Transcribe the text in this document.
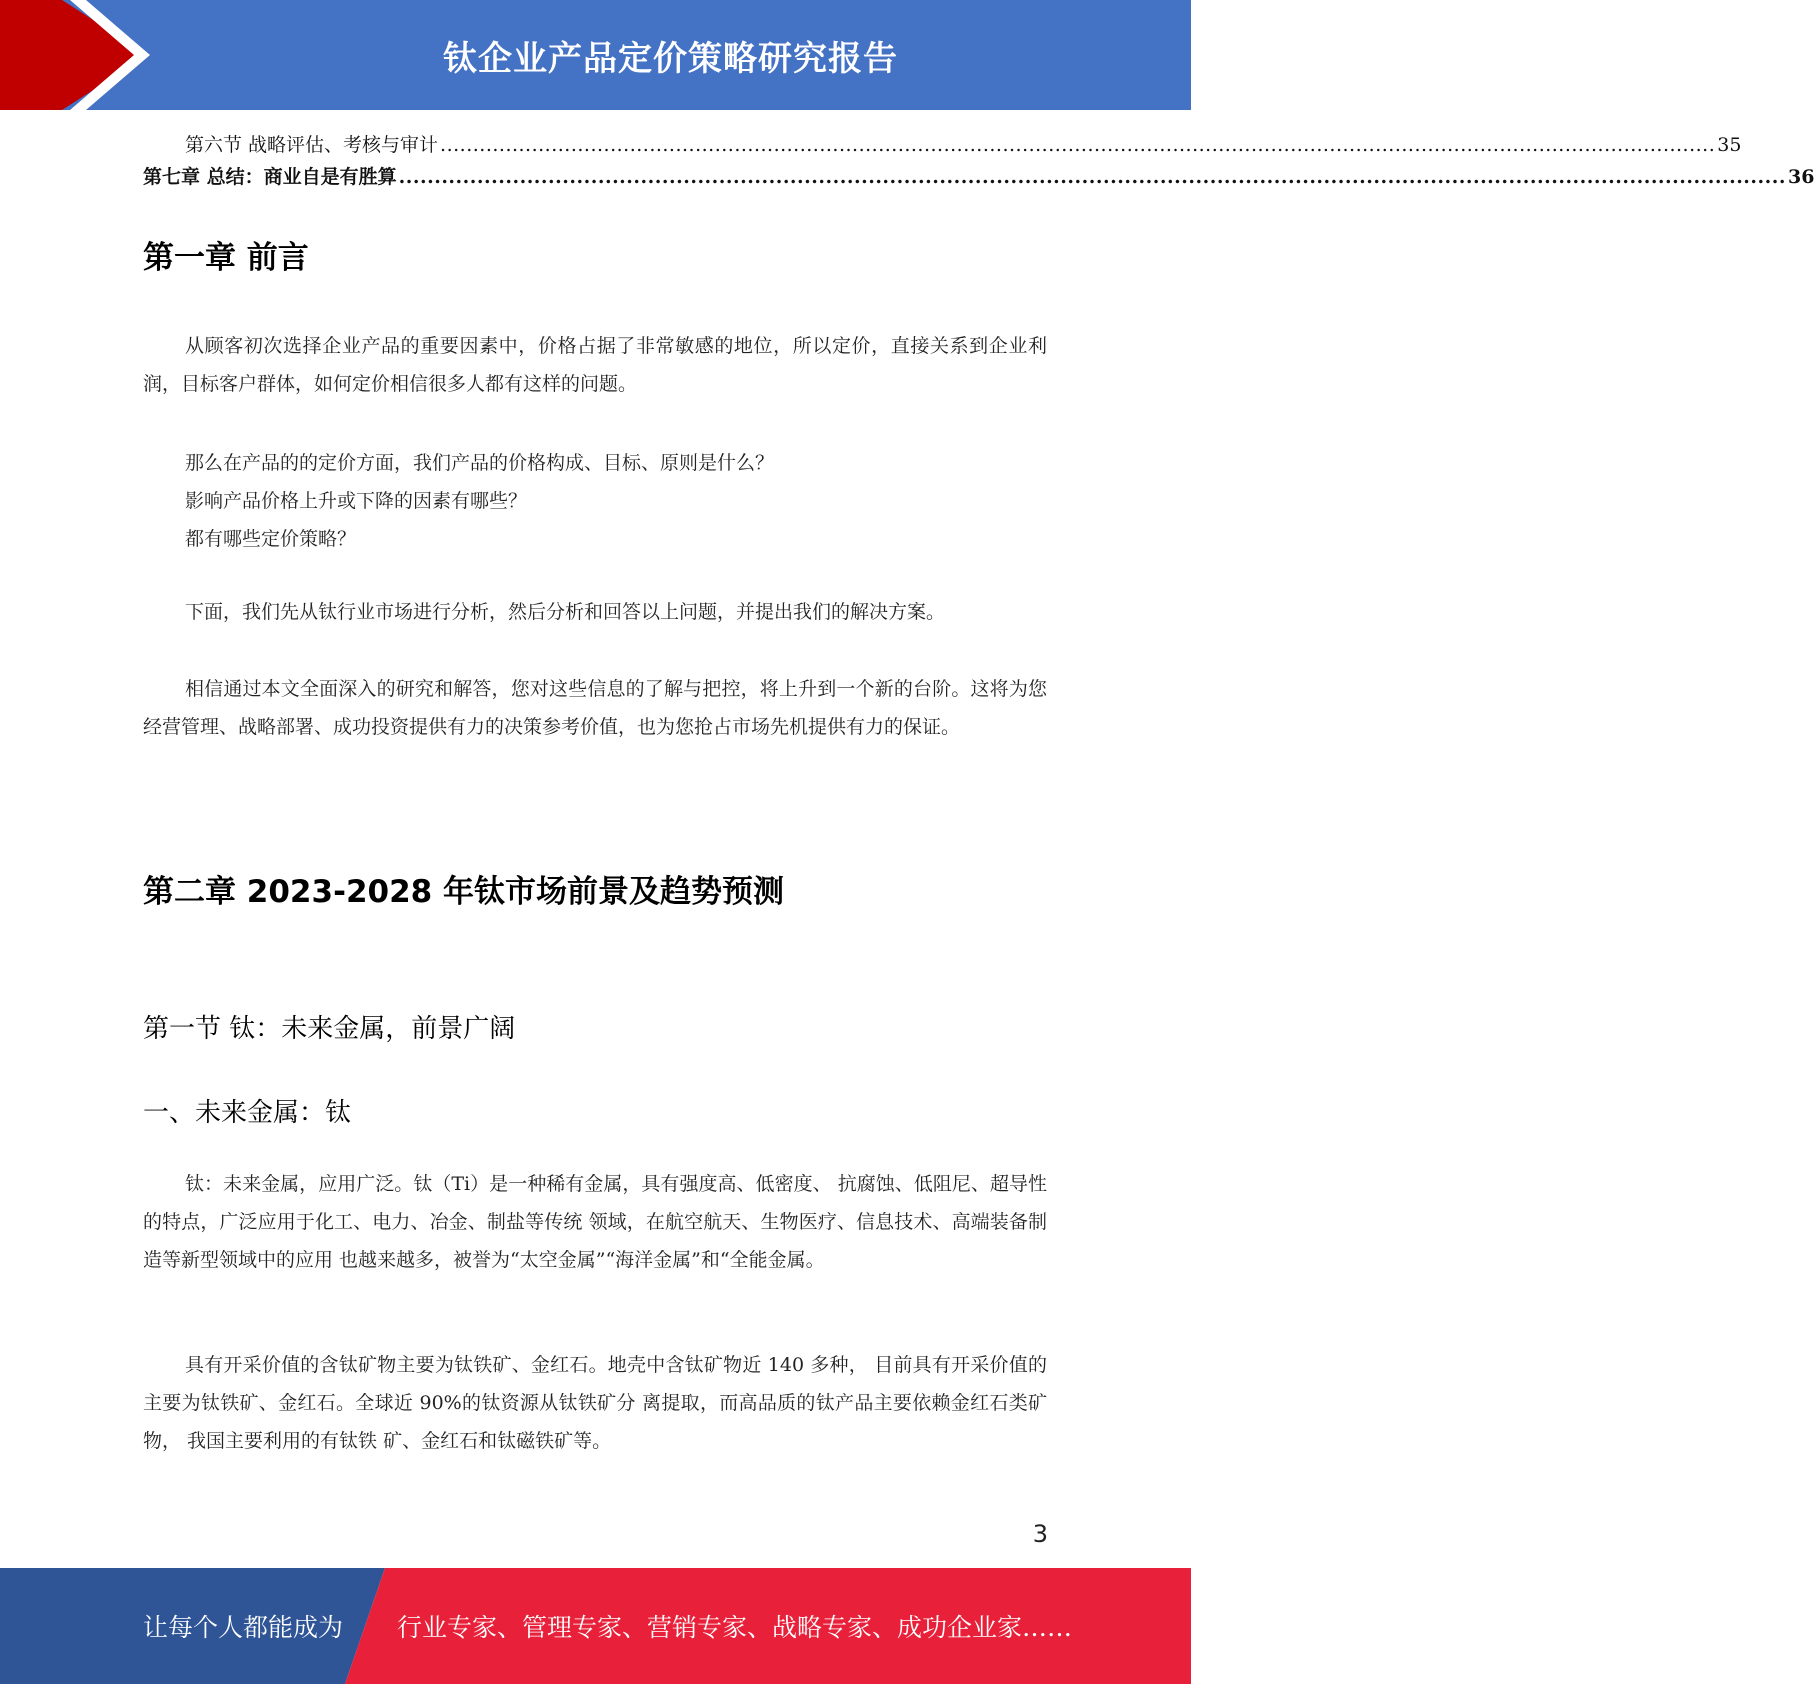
钛企业产品定价策略研究报告
第六节 战略评估、考核与审计 ................................................................................................................................................................................................... 35
第七章 总结：商业自是有胜算 ................................................................................................................................................................................................... 36
第一章 前言

从顾客初次选择企业产品的重要因素中，价格占据了非常敏感的地位，所以定价，直接关系到企业利润，目标客户群体，如何定价相信很多人都有这样的问题。

那么在产品的的定价方面，我们产品的价格构成、目标、原则是什么？

影响产品价格上升或下降的因素有哪些？

都有哪些定价策略？

下面，我们先从钛行业市场进行分析，然后分析和回答以上问题，并提出我们的解决方案。

相信通过本文全面深入的研究和解答，您对这些信息的了解与把控，将上升到一个新的台阶。这将为您经营管理、战略部署、成功投资提供有力的决策参考价值，也为您抢占市场先机提供有力的保证。

第二章 2023-2028 年钛市场前景及趋势预测
第一节 钛：未来金属，前景广阔
一、未来金属：钛

钛：未来金属，应用广泛。钛（Ti）是一种稀有金属，具有强度高、低密度、 抗腐蚀、低阻尼、超导性的特点，广泛应用于化工、电力、冶金、制盐等传统 领域，在航空航天、生物医疗、信息技术、高端装备制造等新型领域中的应用 也越来越多，被誉为“太空金属”“海洋金属”和“全能金属。

具有开采价值的含钛矿物主要为钛铁矿、金红石。地壳中含钛矿物近 140 多种， 目前具有开采价值的主要为钛铁矿、金红石。全球近 90%的钛资源从钛铁矿分 离提取，而高品质的钛产品主要依赖金红石类矿物， 我国主要利用的有钛铁 矿、金红石和钛磁铁矿等。

3
让每个人都能成为 行业专家、管理专家、营销专家、战略专家、成功企业家……
